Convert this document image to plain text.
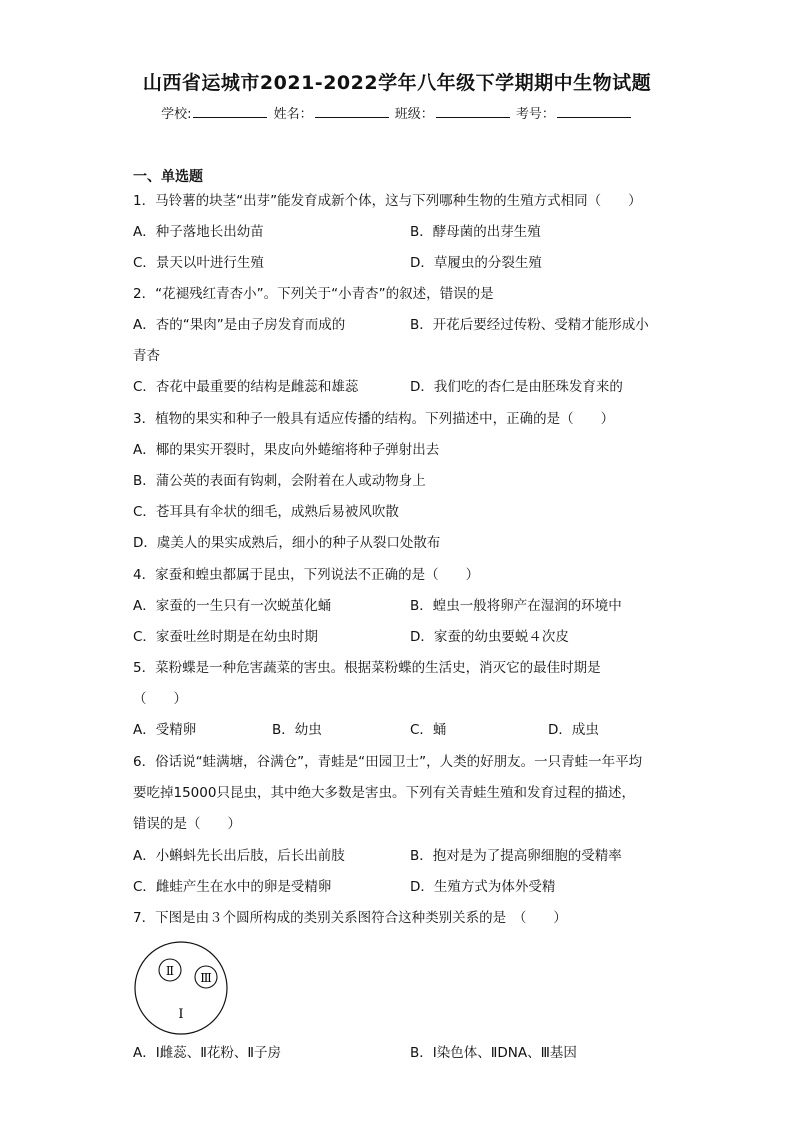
山西省运城市2021-2022学年八年级下学期期中生物试题
学校:	姓名：	班级：	考号：
一、单选题
1．马铃薯的块茎“出芽”能发育成新个体，这与下列哪种生物的生殖方式相同（　　）
A．种子落地长出幼苗	B．酵母菌的出芽生殖
C．景天以叶进行生殖	D．草履虫的分裂生殖
2．“花褪残红青杏小”。下列关于“小青杏”的叙述，错误的是
A．杏的“果肉”是由子房发育而成的	B．开花后要经过传粉、受精才能形成小
青杏
C．杏花中最重要的结构是雌蕊和雄蕊	D．我们吃的杏仁是由胚珠发育来的
3．植物的果实和种子一般具有适应传播的结构。下列描述中，正确的是（　　）
A．椰的果实开裂时，果皮向外蜷缩将种子弹射出去
B．蒲公英的表面有钩刺，会附着在人或动物身上
C．苍耳具有伞状的细毛，成熟后易被风吹散
D．虞美人的果实成熟后，细小的种子从裂口处散布
4．家蚕和蝗虫都属于昆虫，下列说法不正确的是（　　）
A．家蚕的一生只有一次蜕茧化蛹	B．蝗虫一般将卵产在湿润的环境中
C．家蚕吐丝时期是在幼虫时期	D．家蚕的幼虫要蜕４次皮
5．菜粉蝶是一种危害蔬菜的害虫。根据菜粉蝶的生活史，消灭它的最佳时期是
（　　）
A．受精卵	B．幼虫	C．蛹	D．成虫
6．俗话说“蛙满塘，谷满仓”，青蛙是“田园卫士”，人类的好朋友。一只青蛙一年平均
要吃掉15000只昆虫，其中绝大多数是害虫。下列有关青蛙生殖和发育过程的描述，
错误的是（　　）
A．小蝌蚪先长出后肢，后长出前肢	B．抱对是为了提高卵细胞的受精率
C．雌蛙产生在水中的卵是受精卵	D．生殖方式为体外受精
7．下图是由３个圆所构成的类别关系图符合这种类别关系的是　（　　）
Ⅰ
Ⅱ Ⅲ
A．Ⅰ雌蕊、Ⅱ花粉、Ⅱ子房	B．Ⅰ染色体、ⅡDNA、Ⅲ基因
